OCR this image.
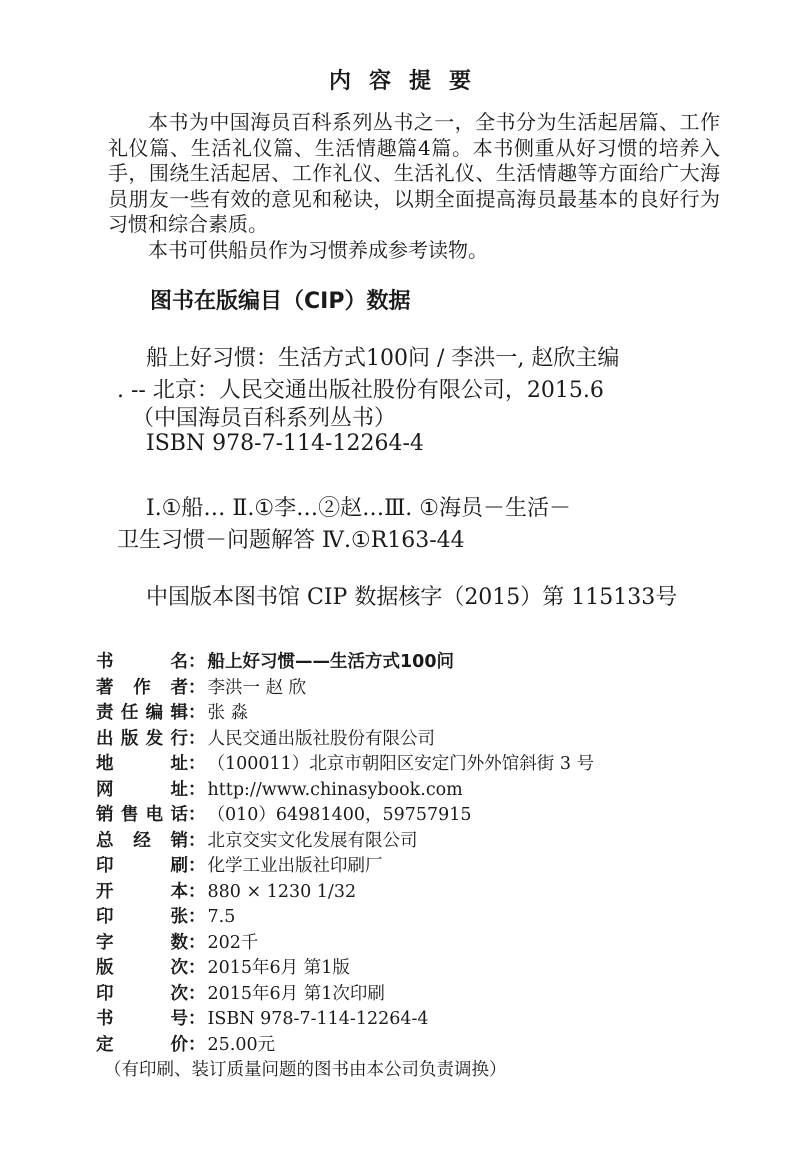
内容提要

本书为中国海员百科系列丛书之一，全书分为生活起居篇、工作礼仪篇、生活礼仪篇、生活情趣篇4篇。本书侧重从好习惯的培养入手，围绕生活起居、工作礼仪、生活礼仪、生活情趣等方面给广大海员朋友一些有效的意见和秘诀，以期全面提高海员最基本的良好行为习惯和综合素质。

本书可供船员作为习惯养成参考读物。

图书在版编目（CIP）数据
船上好习惯：生活方式100问 / 李洪一, 赵欣主编
. -- 北京：人民交通出版社股份有限公司，2015.6
（中国海员百科系列丛书）
ISBN 978-7-114-12264-4
Ⅰ.①船… Ⅱ.①李…②赵…Ⅲ. ①海员－生活－
卫生习惯－问题解答 Ⅳ.①R163-44
中国版本图书馆 CIP 数据核字（2015）第 115133号
书名 ： 船上好习惯——生活方式100问
著作者 ： 李洪一 赵 欣
责任编辑 ： 张 淼
出版发行 ： 人民交通出版社股份有限公司
地址 ： （100011）北京市朝阳区安定门外外馆斜街 3 号
网址 ： http://www.chinasybook.com
销售电话 ： （010）64981400，59757915
总经销 ： 北京交实文化发展有限公司
印刷 ： 化学工业出版社印刷厂
开本 ： 880 × 1230 1/32
印张 ： 7.5
字数 ： 202千
版次 ： 2015年6月 第1版
印次 ： 2015年6月 第1次印刷
书号 ： ISBN 978-7-114-12264-4
定价 ： 25.00元
（有印刷、装订质量问题的图书由本公司负责调换）
